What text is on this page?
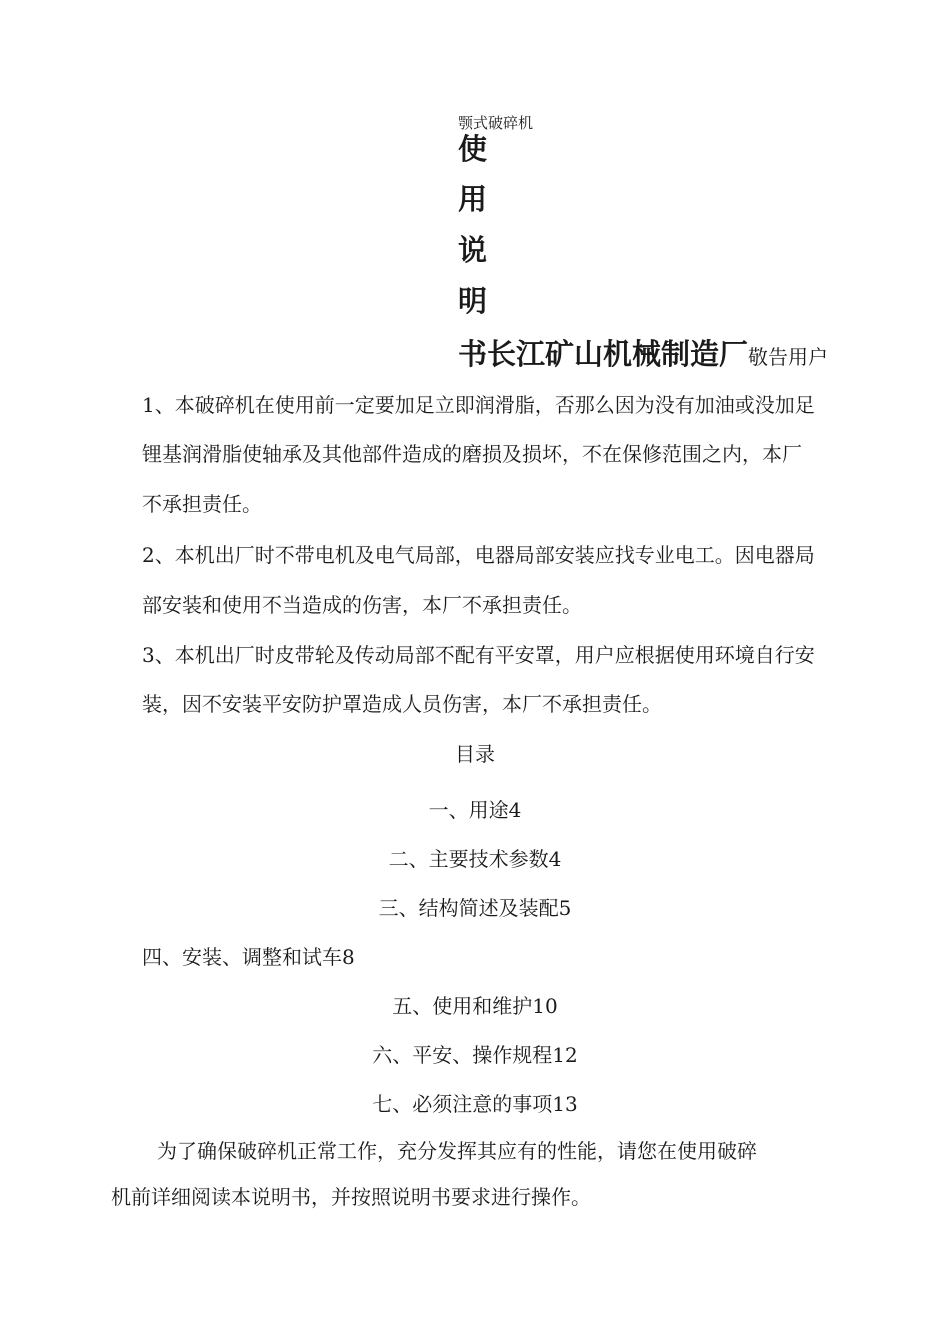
颚式破碎机
使
用
说
明
书长江矿山机械制造厂敬告用户
1、本破碎机在使用前一定要加足立即润滑脂，否那么因为没有加油或没加足
锂基润滑脂使轴承及其他部件造成的磨损及损坏，不在保修范围之内，本厂
不承担责任。
2、本机出厂时不带电机及电气局部，电器局部安装应找专业电工。因电器局
部安装和使用不当造成的伤害，本厂不承担责任。
3、本机出厂时皮带轮及传动局部不配有平安罩，用户应根据使用环境自行安
装，因不安装平安防护罩造成人员伤害，本厂不承担责任。
目录
一、用途4
二、主要技术参数4
三、结构简述及装配5
四、安装、调整和试车8
五、使用和维护10
六、平安、操作规程12
七、必须注意的事项13
为了确保破碎机正常工作，充分发挥其应有的性能，请您在使用破碎
机前详细阅读本说明书，并按照说明书要求进行操作。
